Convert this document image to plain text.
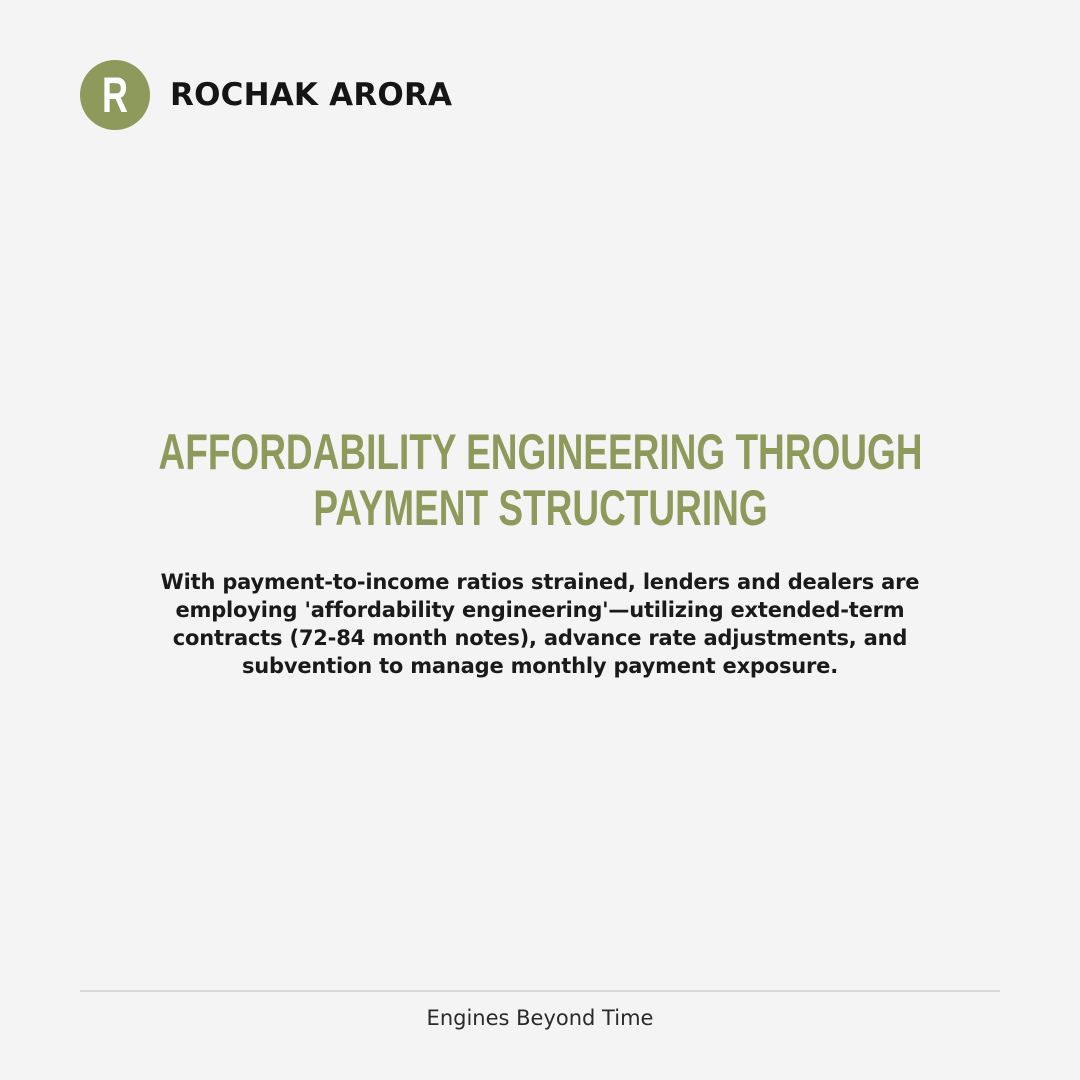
R ROCHAK ARORA
AFFORDABILITY ENGINEERING THROUGH PAYMENT STRUCTURING

With payment-to-income ratios strained, lenders and dealers are employing 'affordability engineering'—utilizing extended-term contracts (72-84 month notes), advance rate adjustments, and subvention to manage monthly payment exposure.

Engines Beyond Time
